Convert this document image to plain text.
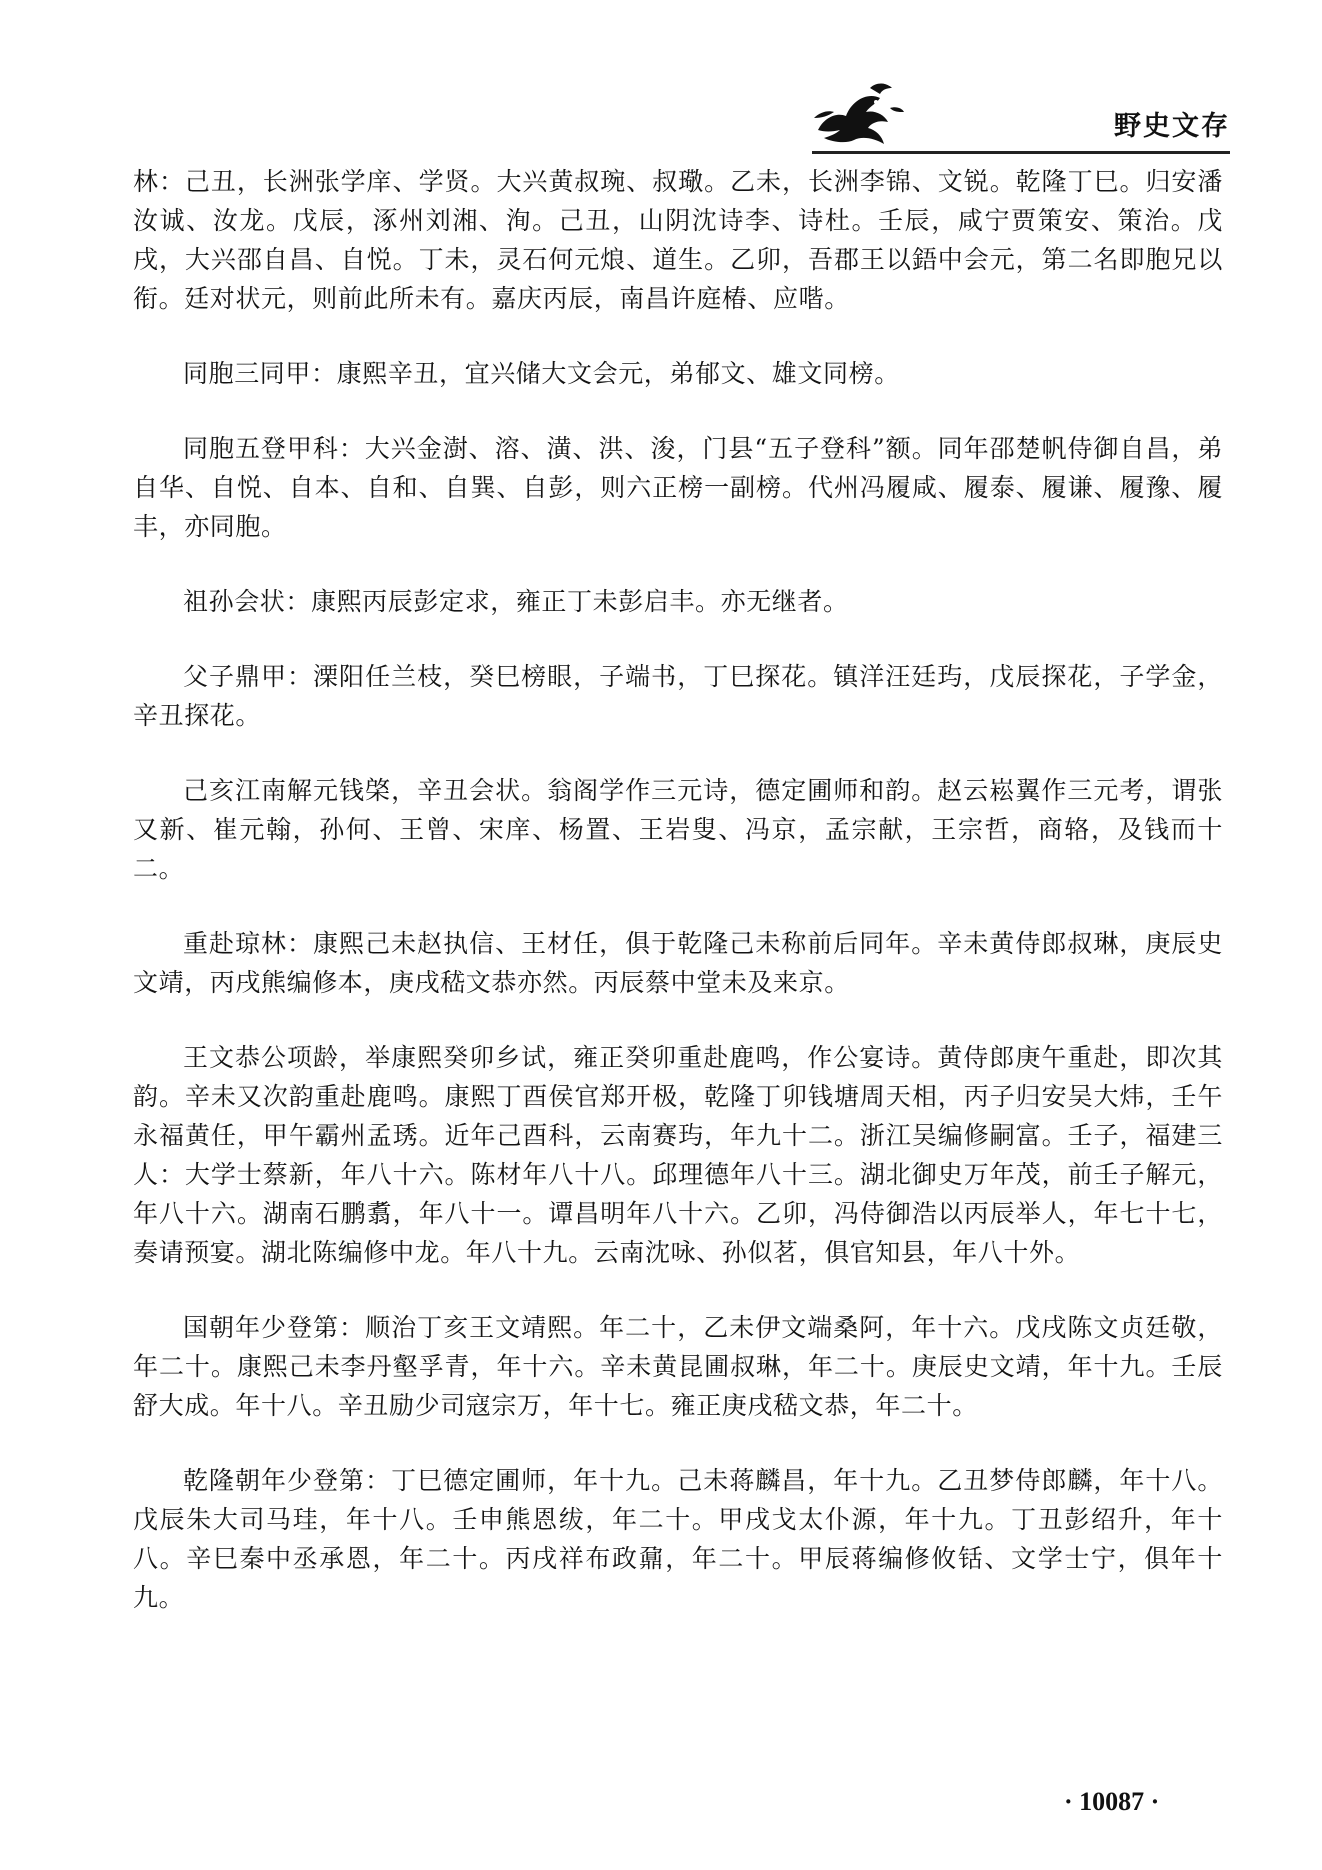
野史文存

林：己丑，长洲张学庠、学贤。大兴黄叔琬、叔璥。乙未，长洲李锦、文锐。乾隆丁巳。归安潘汝诚、汝龙。戊辰，涿州刘湘、洵。己丑，山阴沈诗李、诗杜。壬辰，咸宁贾策安、策治。戊戌，大兴邵自昌、自悦。丁未，灵石何元烺、道生。乙卯，吾郡王以鋙中会元，第二名即胞兄以衔。廷对状元，则前此所未有。嘉庆丙辰，南昌许庭椿、应喈。

同胞三同甲：康熙辛丑，宜兴储大文会元，弟郁文、雄文同榜。

同胞五登甲科：大兴金澍、溶、潢、洪、浚，门县“五子登科”额。同年邵楚帆侍御自昌，弟自华、自悦、自本、自和、自巽、自彭，则六正榜一副榜。代州冯履咸、履泰、履谦、履豫、履丰，亦同胞。

祖孙会状：康熙丙辰彭定求，雍正丁未彭启丰。亦无继者。

父子鼎甲：溧阳任兰枝，癸巳榜眼，子端书，丁巳探花。镇洋汪廷玙，戊辰探花，子学金，辛丑探花。

己亥江南解元钱棨，辛丑会状。翁阁学作三元诗，德定圃师和韵。赵云崧翼作三元考，谓张又新、崔元翰，孙何、王曾、宋庠、杨置、王岩叟、冯京，孟宗献，王宗哲，商辂，及钱而十二。

重赴琼林：康熙己未赵执信、王材任，俱于乾隆己未称前后同年。辛未黄侍郎叔琳，庚辰史文靖，丙戌熊编修本，庚戌嵇文恭亦然。丙辰蔡中堂未及来京。

王文恭公项龄，举康熙癸卯乡试，雍正癸卯重赴鹿鸣，作公宴诗。黄侍郎庚午重赴，即次其韵。辛未又次韵重赴鹿鸣。康熙丁酉侯官郑开极，乾隆丁卯钱塘周天相，丙子归安吴大炜，壬午永福黄任，甲午霸州孟琇。近年己酉科，云南赛玙，年九十二。浙江吴编修嗣富。壬子，福建三人：大学士蔡新，年八十六。陈材年八十八。邱理德年八十三。湖北御史万年茂，前壬子解元，年八十六。湖南石鹏翥，年八十一。谭昌明年八十六。乙卯，冯侍御浩以丙辰举人，年七十七，奏请预宴。湖北陈编修中龙。年八十九。云南沈咏、孙似茗，俱官知县，年八十外。

国朝年少登第：顺治丁亥王文靖熙。年二十，乙未伊文端桑阿，年十六。戊戌陈文贞廷敬，年二十。康熙己未李丹壑孚青，年十六。辛未黄昆圃叔琳，年二十。庚辰史文靖，年十九。壬辰舒大成。年十八。辛丑励少司寇宗万，年十七。雍正庚戌嵇文恭，年二十。

乾隆朝年少登第：丁巳德定圃师，年十九。己未蒋麟昌，年十九。乙丑梦侍郎麟，年十八。戊辰朱大司马珪，年十八。壬申熊恩绂，年二十。甲戌戈太仆源，年十九。丁丑彭绍升，年十八。辛巳秦中丞承恩，年二十。丙戌祥布政鼐，年二十。甲辰蒋编修攸铦、文学士宁，俱年十九。

· 10087 ·
